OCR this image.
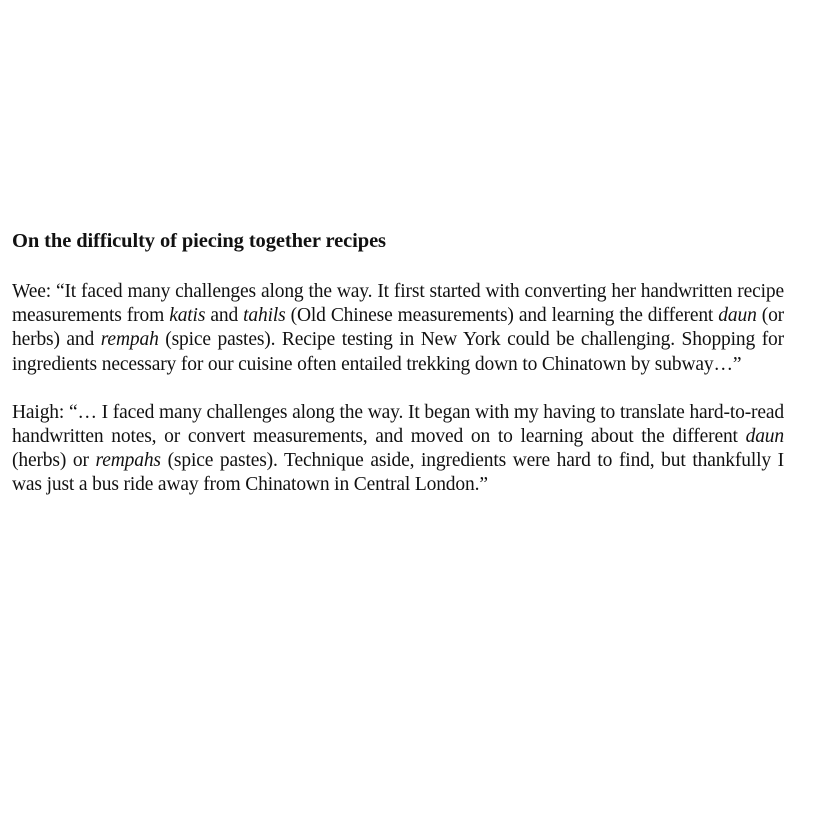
On the difficulty of piecing together recipes

Wee: “It faced many challenges along the way. It first started with converting her handwritten recipe measurements from katis and tahils (Old Chinese measurements) and learning the different daun (or herbs) and rempah (spice pastes). Recipe testing in New York could be challenging. Shopping for ingredients necessary for our cuisine often entailed trekking down to Chinatown by subway…”

Haigh: “… I faced many challenges along the way. It began with my having to translate hard-to-read handwritten notes, or convert measurements, and moved on to learning about the different daun (herbs) or rempahs (spice pastes). Technique aside, ingredients were hard to find, but thankfully I was just a bus ride away from Chinatown in Central London.”
